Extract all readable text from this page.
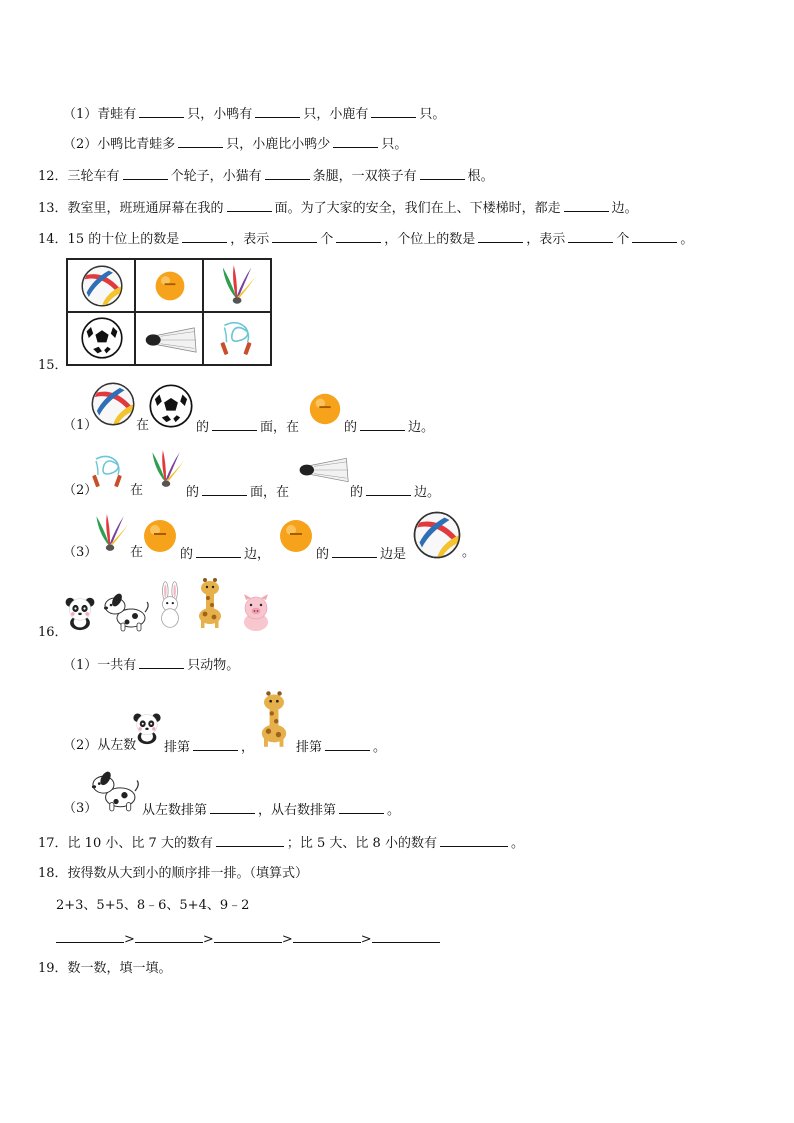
（1）青蛙有	只，小鸭有	只，小鹿有	只。
（2）小鸭比青蛙多	只，小鹿比小鸭少	只。
12．三轮车有	个轮子，小猫有	条腿，一双筷子有	根。
13．教室里，班班通屏幕在我的	面。为了大家的安全，我们在上、下楼梯时，都走	边。
14．15 的十位上的数是	，表示	个	，个位上的数是	，表示	个	。
15．
（1）	在	的	面，在	的	边。
（2）	在	的	面，在	的	边。
（3）	在	的	边，	的	边是	。
16．
（1）一共有	只动物。
（2）从左数 排第	，	排第	。
（3）	从左数排第	，从右数排第	。
17．比 10 小、比 7 大的数有	；比 5 大、比 8 小的数有	。
18．按得数从大到小的顺序排一排。（填算式）
2+3、5+5、8﹣6、5+4、9﹣2
>	>	>	>
19．数一数，填一填。
